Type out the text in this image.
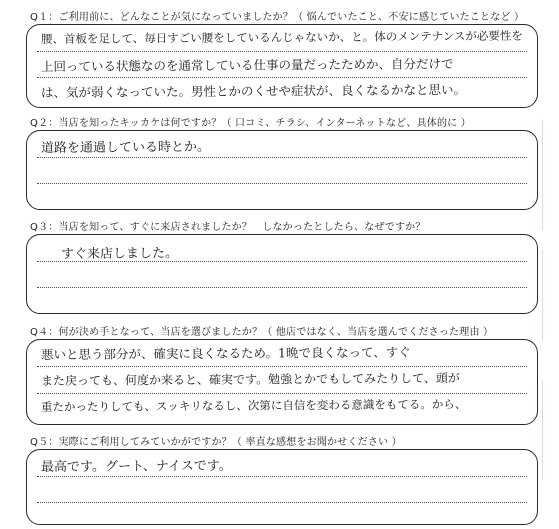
Q１：ご利用前に、どんなことが気になっていましたか？（ 悩んでいたこと、不安に感じていたことなど ）
腰、首板を足して、毎日すごい腰をしているんじゃないか、と。体のメンテナンスが必要性を
上回っている状態なのを通常している仕事の量だったためか、自分だけで
は、気が弱くなっていた。男性とかのくせや症状が、良くなるかなと思い。
Q２：当店を知ったキッカケは何ですか？（ 口コミ、チラシ、インターネットなど、具体的に ）
道路を通過している時とか。
Q３：当店を知って、すぐに来店されましたか？　しなかったとしたら、なぜですか？
すぐ来店しました。
Q４：何が決め手となって、当店を選びましたか？（ 他店ではなく、当店を選んでくださった理由 ）
悪いと思う部分が、確実に良くなるため。1晩で良くなって、すぐ
また戻っても、何度か来ると、確実です。勉強とかでもしてみたりして、頭が
重たかったりしても、スッキリなるし、次第に自信を変わる意識をもてる。から、
Q５：実際にご利用してみていかがですか？（ 率直な感想をお聞かせください ）
最高です。グート、ナイスです。
